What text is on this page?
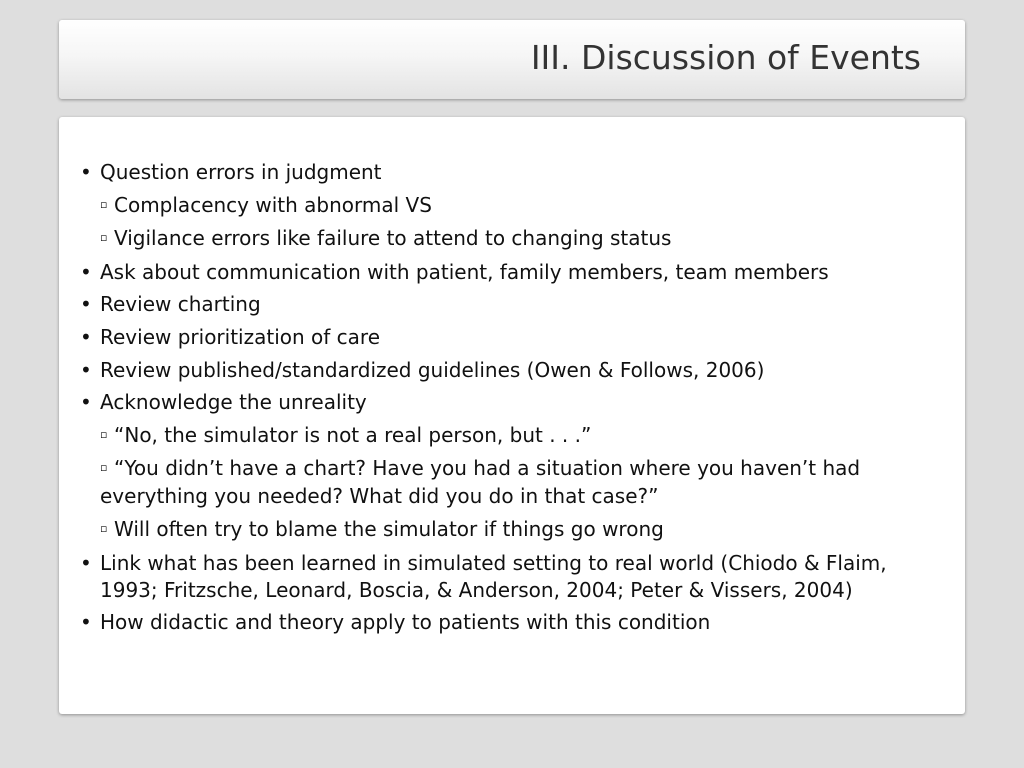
III. Discussion of Events
• Question errors in judgment
▫ Complacency with abnormal VS
▫ Vigilance errors like failure to attend to changing status
• Ask about communication with patient, family members, team members
• Review charting
• Review prioritization of care
• Review published/standardized guidelines (Owen & Follows, 2006)
• Acknowledge the unreality
▫ “No, the simulator is not a real person, but . . .”
▫ “You didn’t have a chart? Have you had a situation where you haven’t had everything you needed? What did you do in that case?”
▫ Will often try to blame the simulator if things go wrong
• Link what has been learned in simulated setting to real world (Chiodo & Flaim, 1993; Fritzsche, Leonard, Boscia, & Anderson, 2004; Peter & Vissers, 2004)
• How didactic and theory apply to patients with this condition
